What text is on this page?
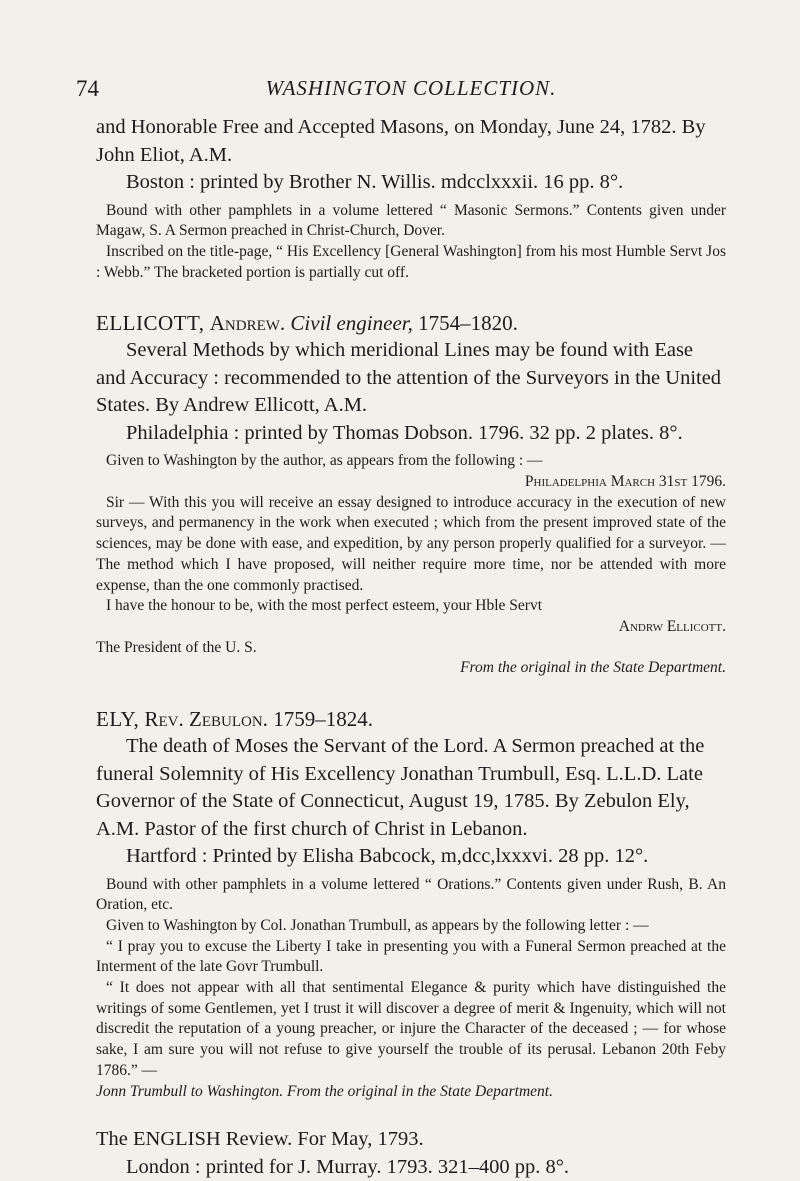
74	WASHINGTON COLLECTION.

and Honorable Free and Accepted Masons, on Monday, June 24, 1782. By John Eliot, A.M.

Boston : printed by Brother N. Willis. mdcclxxxii. 16 pp. 8°.

Bound with other pamphlets in a volume lettered “ Masonic Sermons.” Contents given under Magaw, S. A Sermon preached in Christ-Church, Dover.

Inscribed on the title-page, “ His Excellency [General Washington] from his most Humble Servt Jos : Webb.” The bracketed portion is partially cut off.

ELLICOTT, Andrew. Civil engineer, 1754–1820.

Several Methods by which meridional Lines may be found with Ease and Accuracy : recommended to the attention of the Surveyors in the United States. By Andrew Ellicott, A.M.

Philadelphia : printed by Thomas Dobson. 1796. 32 pp. 2 plates. 8°.

Given to Washington by the author, as appears from the following : —

Philadelphia March 31st 1796.

Sir — With this you will receive an essay designed to introduce accuracy in the execution of new surveys, and permanency in the work when executed ; which from the present improved state of the sciences, may be done with ease, and expedition, by any person properly qualified for a surveyor. — The method which I have proposed, will neither require more time, nor be attended with more expense, than the one commonly practised.

I have the honour to be, with the most perfect esteem, your Hble Servt

Andrw Ellicott.

The President of the U. S.

From the original in the State Department.

ELY, Rev. Zebulon. 1759–1824.

The death of Moses the Servant of the Lord. A Sermon preached at the funeral Solemnity of His Excellency Jonathan Trumbull, Esq. L.L.D. Late Governor of the State of Connecticut, August 19, 1785. By Zebulon Ely, A.M. Pastor of the first church of Christ in Lebanon.

Hartford : Printed by Elisha Babcock, m,dcc,lxxxvi. 28 pp. 12°.

Bound with other pamphlets in a volume lettered “ Orations.” Contents given under Rush, B. An Oration, etc.

Given to Washington by Col. Jonathan Trumbull, as appears by the following letter : —

“ I pray you to excuse the Liberty I take in presenting you with a Funeral Sermon preached at the Interment of the late Govr Trumbull.

“ It does not appear with all that sentimental Elegance & purity which have distinguished the writings of some Gentlemen, yet I trust it will discover a degree of merit & Ingenuity, which will not discredit the reputation of a young preacher, or injure the Character of the deceased ; — for whose sake, I am sure you will not refuse to give yourself the trouble of its perusal. Lebanon 20th Feby 1786.” —

Jonn Trumbull to Washington. From the original in the State Department.

The ENGLISH Review. For May, 1793.

London : printed for J. Murray. 1793. 321–400 pp. 8°.
